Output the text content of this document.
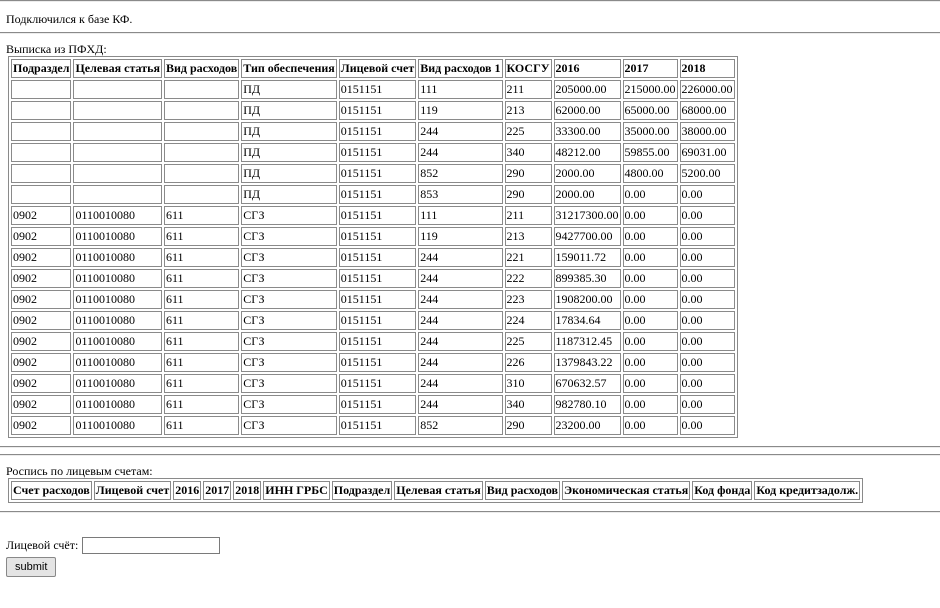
Подключился к базе КФ.
Выписка из ПФХД:
Подраздел	Целевая статья	Вид расходов	Тип обеспечения	Лицевой счет	Вид расходов 1	КОСГУ	2016	2017	2018
			ПД	0151151	111	211	205000.00	215000.00	226000.00
			ПД	0151151	119	213	62000.00	65000.00	68000.00
			ПД	0151151	244	225	33300.00	35000.00	38000.00
			ПД	0151151	244	340	48212.00	59855.00	69031.00
			ПД	0151151	852	290	2000.00	4800.00	5200.00
			ПД	0151151	853	290	2000.00	0.00	0.00
0902	0110010080	611	СГЗ	0151151	111	211	31217300.00	0.00	0.00
0902	0110010080	611	СГЗ	0151151	119	213	9427700.00	0.00	0.00
0902	0110010080	611	СГЗ	0151151	244	221	159011.72	0.00	0.00
0902	0110010080	611	СГЗ	0151151	244	222	899385.30	0.00	0.00
0902	0110010080	611	СГЗ	0151151	244	223	1908200.00	0.00	0.00
0902	0110010080	611	СГЗ	0151151	244	224	17834.64	0.00	0.00
0902	0110010080	611	СГЗ	0151151	244	225	1187312.45	0.00	0.00
0902	0110010080	611	СГЗ	0151151	244	226	1379843.22	0.00	0.00
0902	0110010080	611	СГЗ	0151151	244	310	670632.57	0.00	0.00
0902	0110010080	611	СГЗ	0151151	244	340	982780.10	0.00	0.00
0902	0110010080	611	СГЗ	0151151	852	290	23200.00	0.00	0.00
Роспись по лицевым счетам:
Счет расходов	Лицевой счет	2016	2017	2018	ИНН ГРБС	Подраздел	Целевая статья	Вид расходов	Экономическая статья	Код фонда	Код кредитзадолж.
Лицевой счёт:
submit
